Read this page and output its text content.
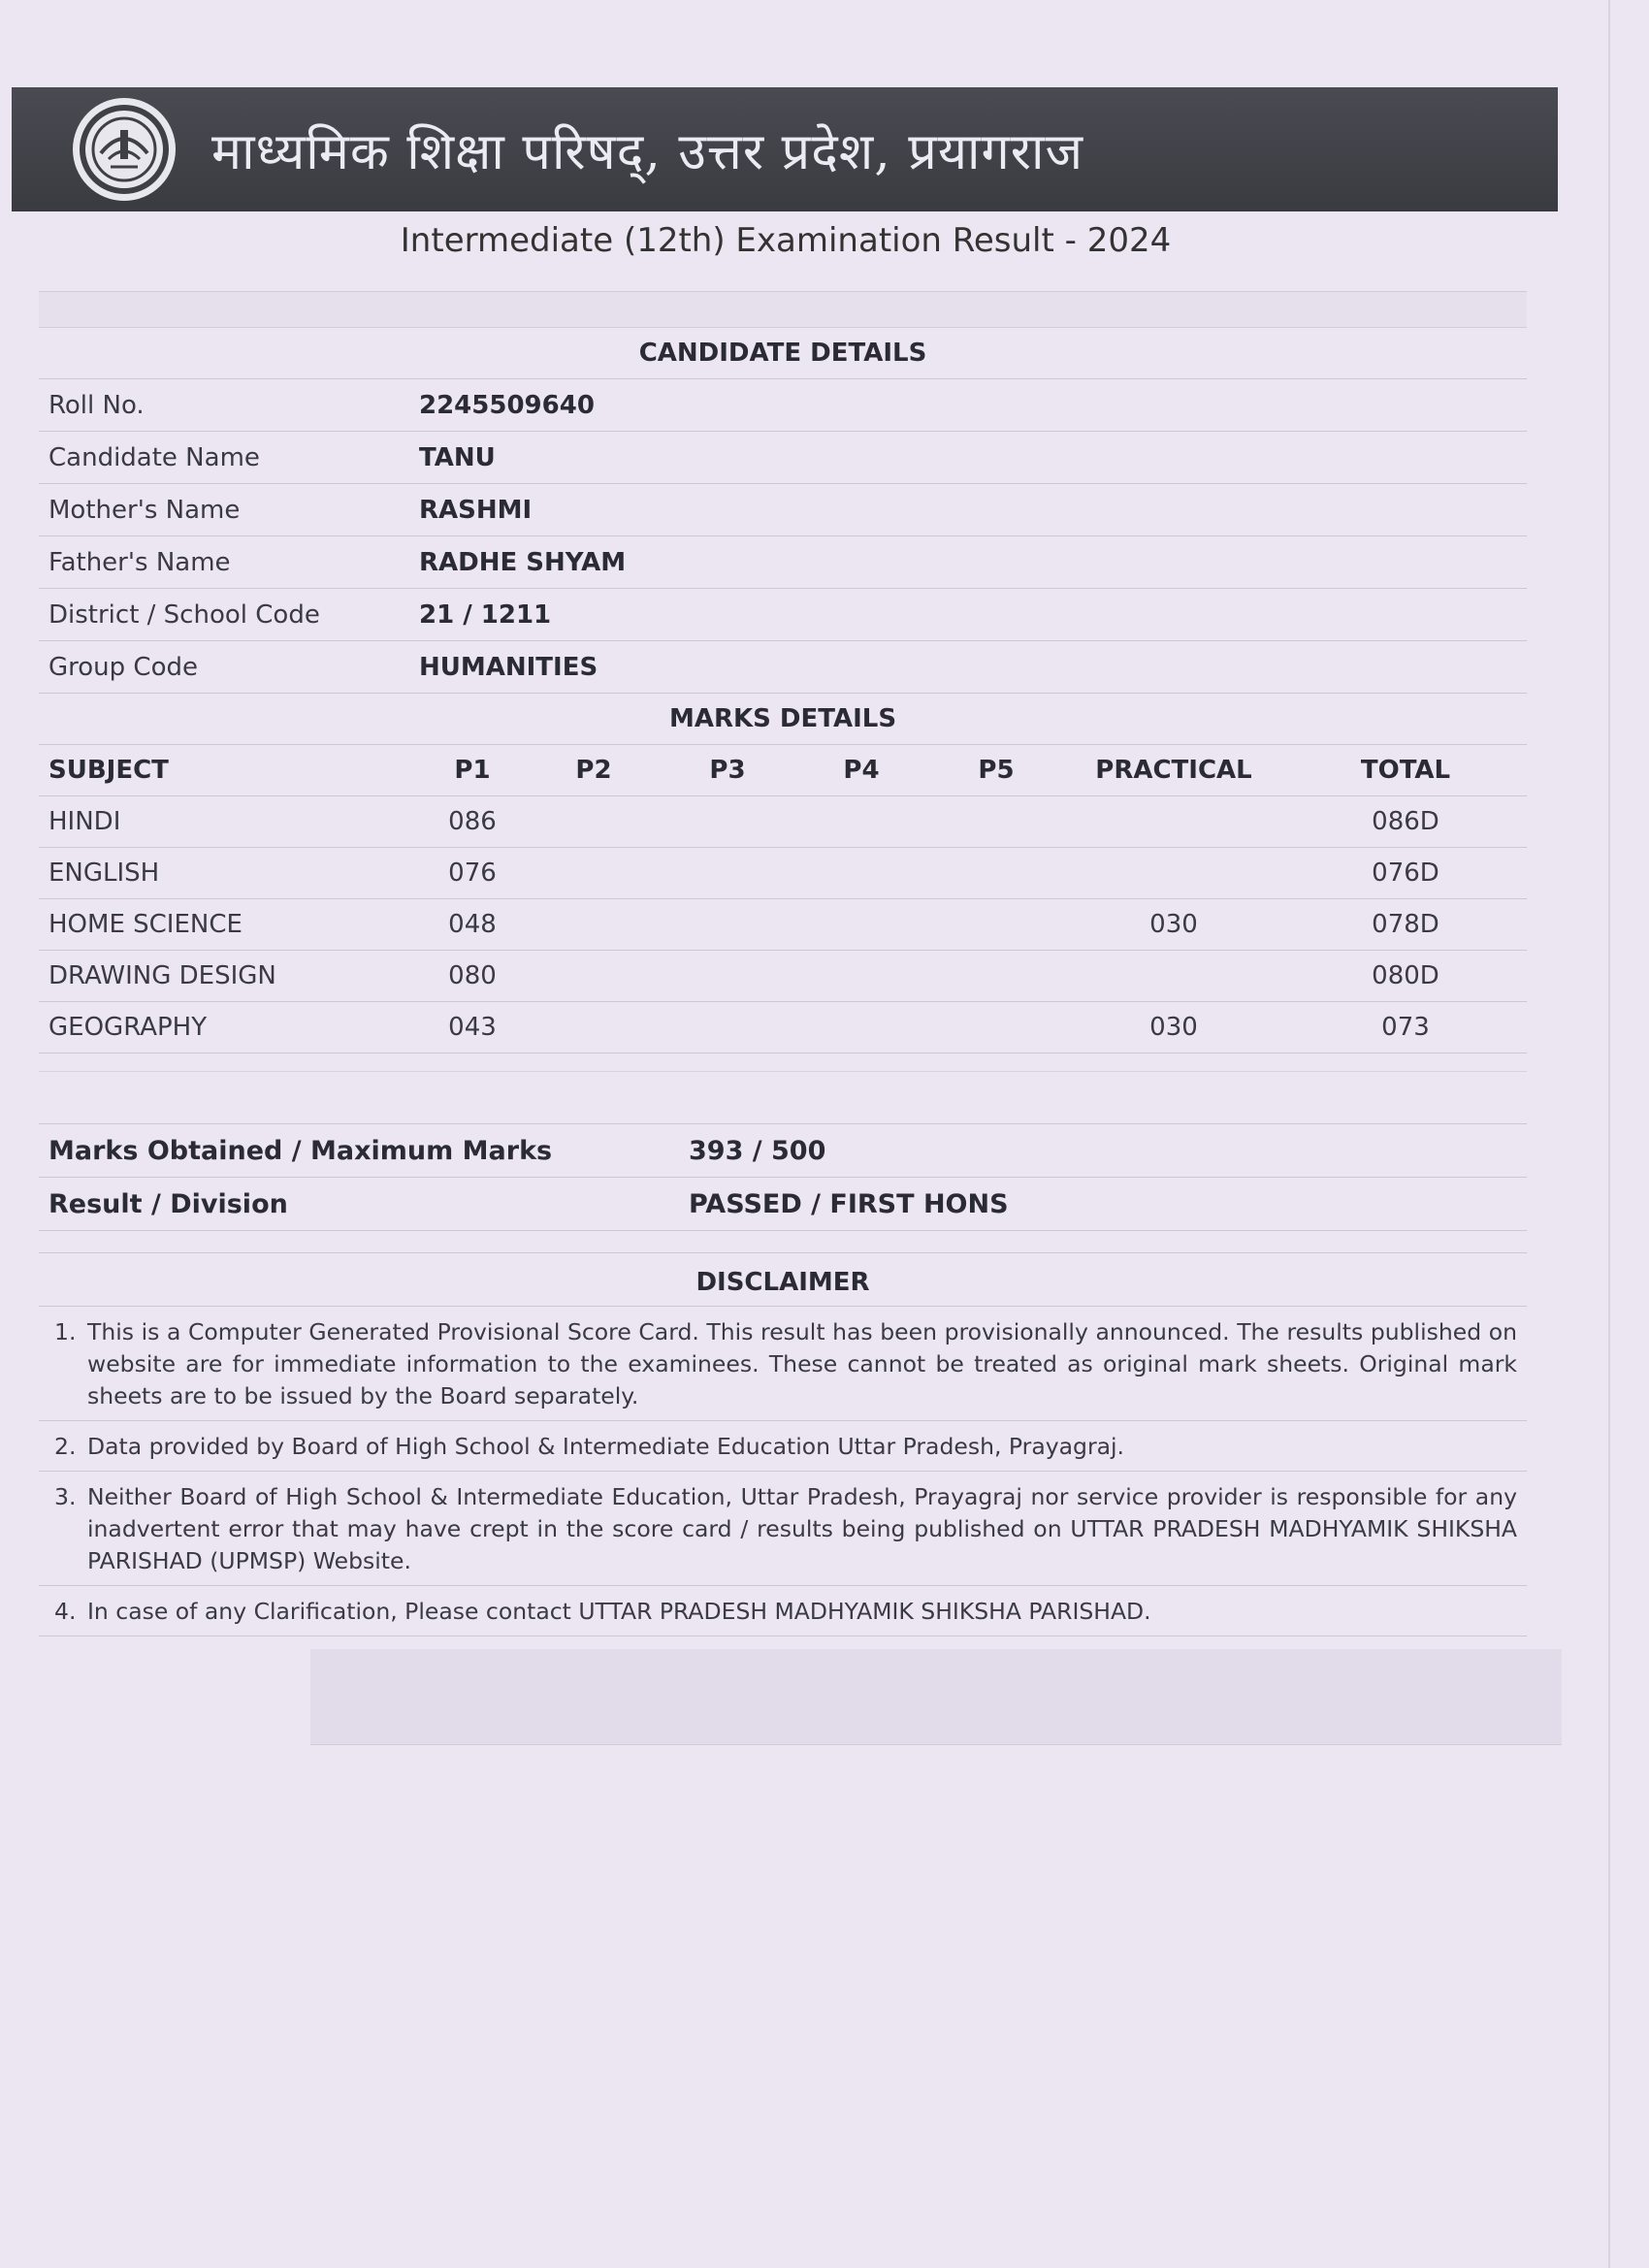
माध्यमिक शिक्षा परिषद्, उत्तर प्रदेश, प्रयागराज
Intermediate (12th) Examination Result - 2024
CANDIDATE DETAILS
Roll No.	2245509640
Candidate Name	TANU
Mother's Name	RASHMI
Father's Name	RADHE SHYAM
District / School Code	21 / 1211
Group Code	HUMANITIES
MARKS DETAILS
SUBJECT	P1	P2	P3	P4	P5	PRACTICAL	TOTAL
HINDI	086						086D
ENGLISH	076						076D
HOME SCIENCE	048					030	078D
DRAWING DESIGN	080						080D
GEOGRAPHY	043					030	073
Marks Obtained / Maximum Marks	393 / 500
Result / Division	PASSED / FIRST HONS
DISCLAIMER
1. This is a Computer Generated Provisional Score Card. This result has been provisionally announced. The results published on website are for immediate information to the examinees. These cannot be treated as original mark sheets. Original mark sheets are to be issued by the Board separately.
2. Data provided by Board of High School & Intermediate Education Uttar Pradesh, Prayagraj.
3. Neither Board of High School & Intermediate Education, Uttar Pradesh, Prayagraj nor service provider is responsible for any inadvertent error that may have crept in the score card / results being published on UTTAR PRADESH MADHYAMIK SHIKSHA PARISHAD (UPMSP) Website.
4. In case of any Clarification, Please contact UTTAR PRADESH MADHYAMIK SHIKSHA PARISHAD.
